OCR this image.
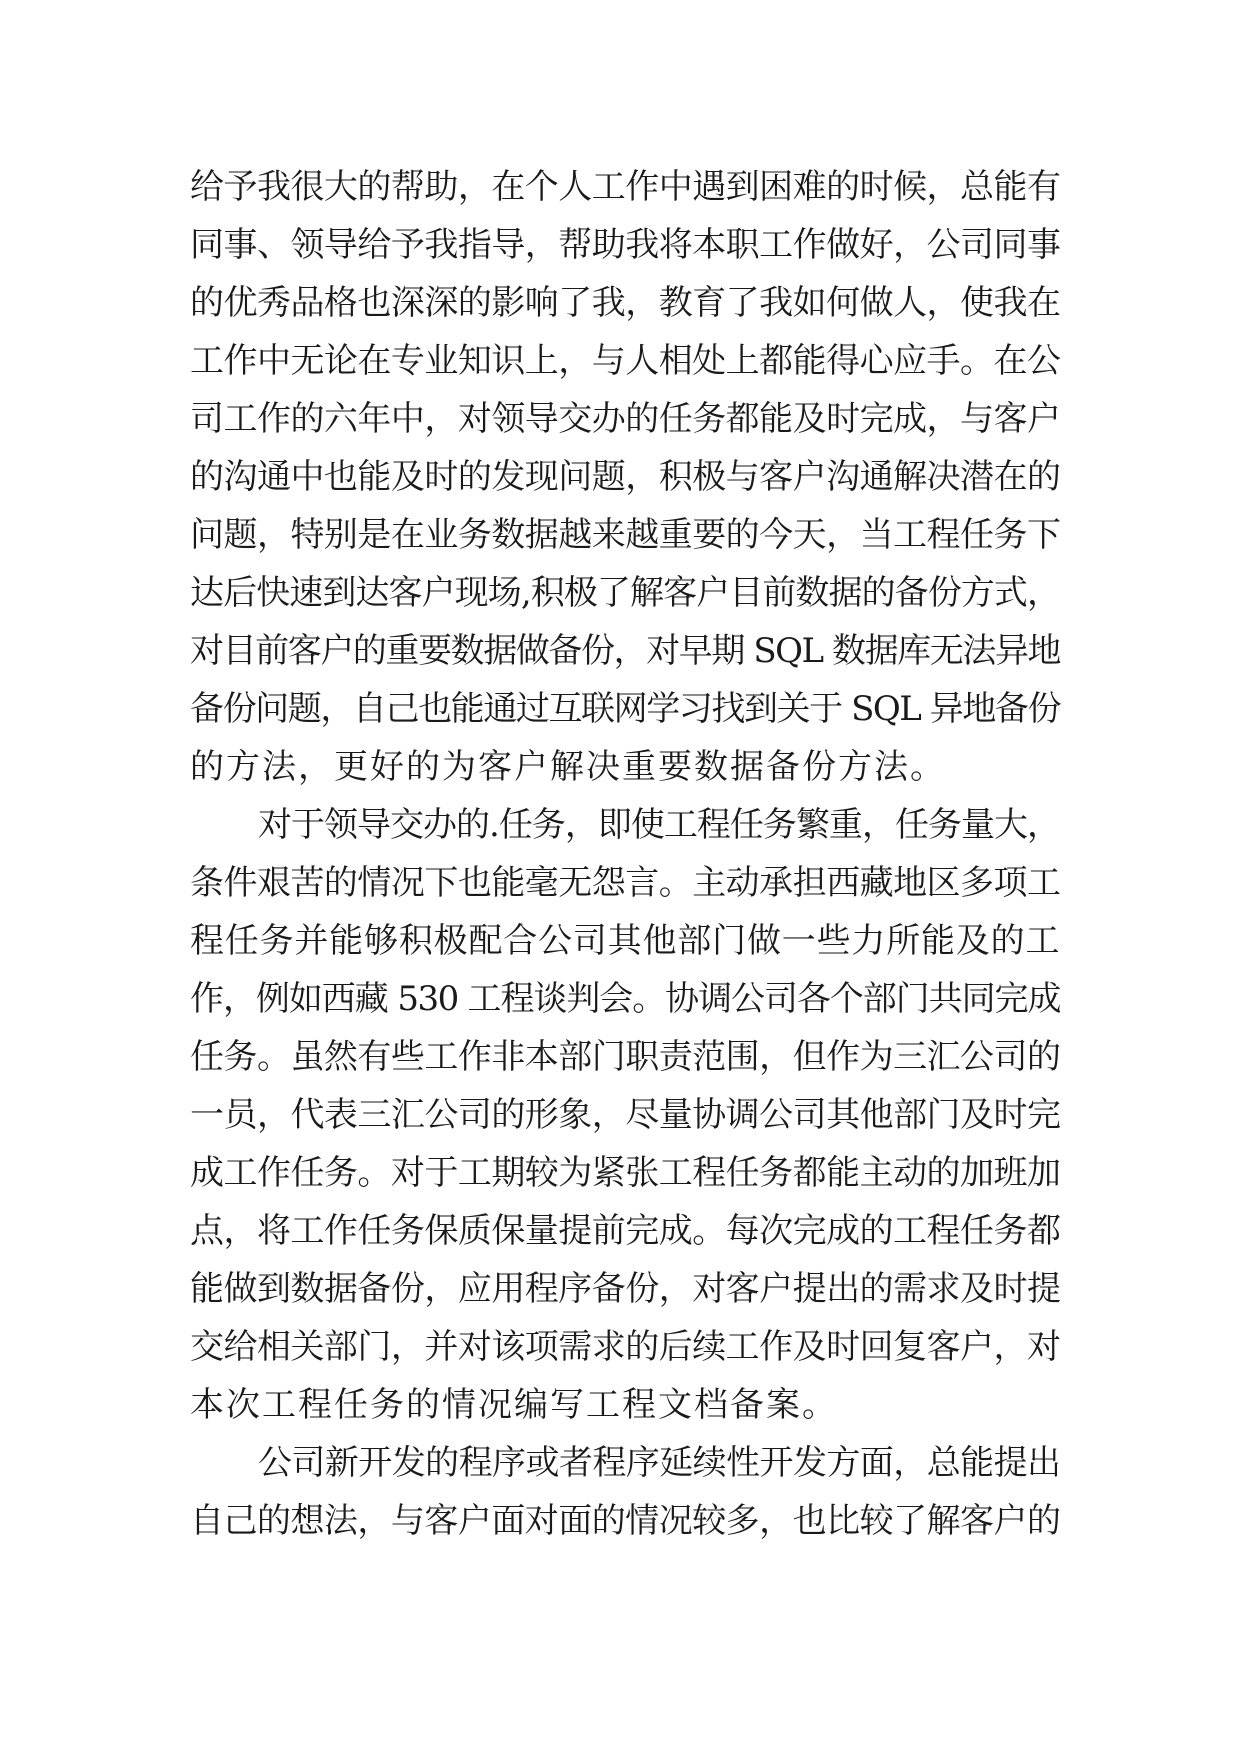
给予我很大的帮助，在个人工作中遇到困难的时候，总能有
同事、领导给予我指导，帮助我将本职工作做好，公司同事
的优秀品格也深深的影响了我，教育了我如何做人，使我在
工作中无论在专业知识上，与人相处上都能得心应手。在公
司工作的六年中，对领导交办的任务都能及时完成，与客户
的沟通中也能及时的发现问题，积极与客户沟通解决潜在的
问题，特别是在业务数据越来越重要的今天，当工程任务下
达后快速到达客户现场,积极了解客户目前数据的备份方式，
对目前客户的重要数据做备份，对早期 SQL 数据库无法异地
备份问题，自己也能通过互联网学习找到关于 SQL 异地备份
的方法，更好的为客户解决重要数据备份方法。
对于领导交办的.任务，即使工程任务繁重，任务量大，
条件艰苦的情况下也能毫无怨言。主动承担西藏地区多项工
程任务并能够积极配合公司其他部门做一些力所能及的工
作，例如西藏 530 工程谈判会。协调公司各个部门共同完成
任务。虽然有些工作非本部门职责范围，但作为三汇公司的
一员，代表三汇公司的形象，尽量协调公司其他部门及时完
成工作任务。对于工期较为紧张工程任务都能主动的加班加
点，将工作任务保质保量提前完成。每次完成的工程任务都
能做到数据备份，应用程序备份，对客户提出的需求及时提
交给相关部门，并对该项需求的后续工作及时回复客户，对
本次工程任务的情况编写工程文档备案。
公司新开发的程序或者程序延续性开发方面，总能提出
自己的想法，与客户面对面的情况较多，也比较了解客户的
